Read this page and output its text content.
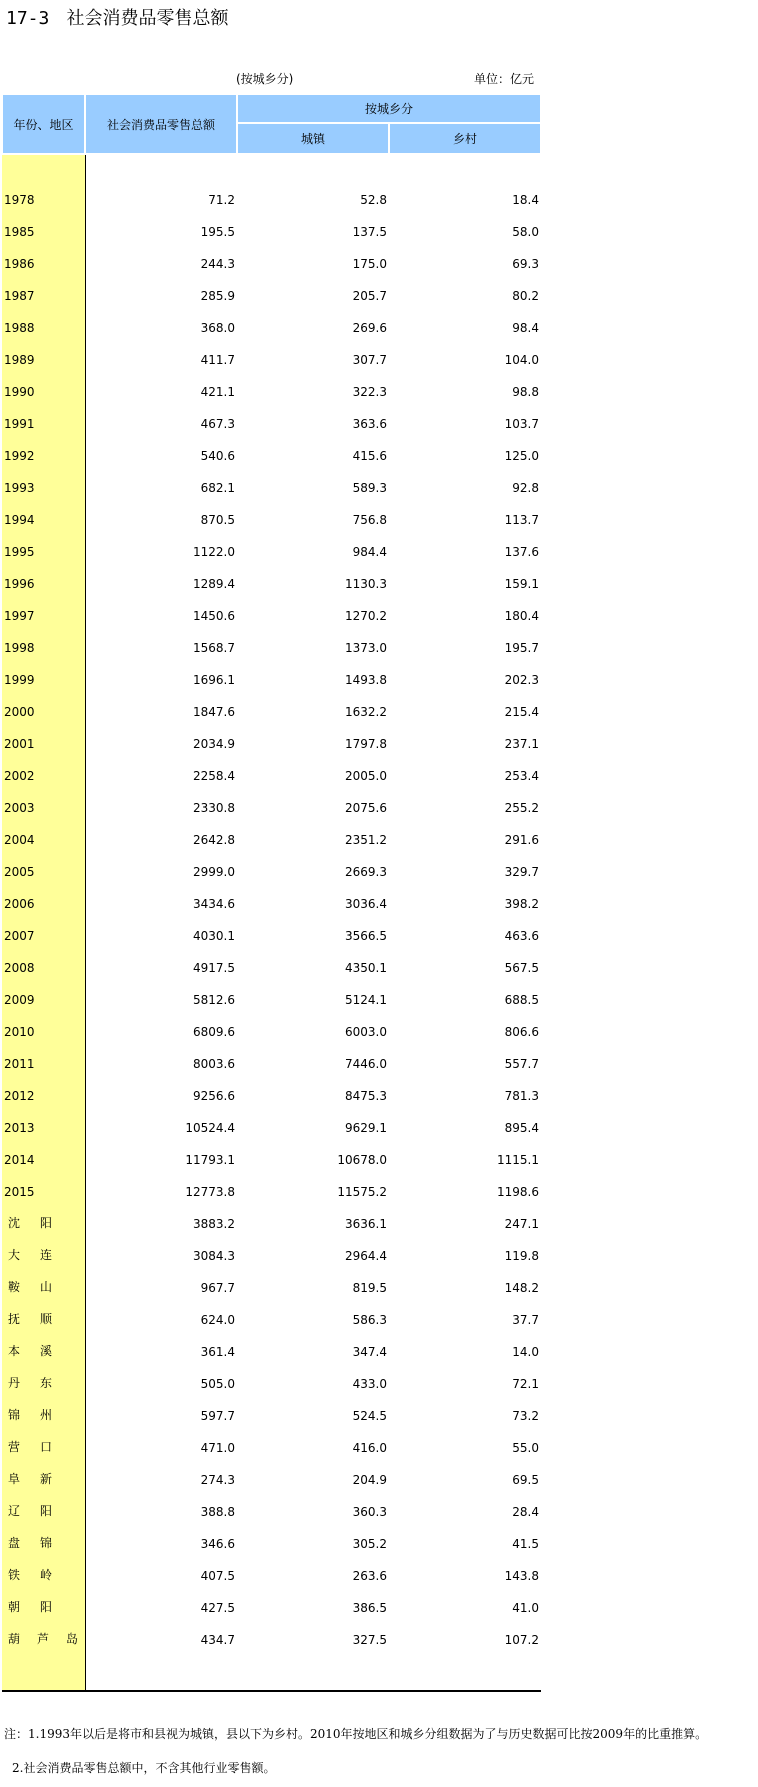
17-3 社会消费品零售总额
(按城乡分)	单位：亿元
年份、地区	社会消费品零售总额
按城乡分
城镇	乡村
1978	71.2	52.8	18.4
1985	195.5	137.5	58.0
1986	244.3	175.0	69.3
1987	285.9	205.7	80.2
1988	368.0	269.6	98.4
1989	411.7	307.7	104.0
1990	421.1	322.3	98.8
1991	467.3	363.6	103.7
1992	540.6	415.6	125.0
1993	682.1	589.3	92.8
1994	870.5	756.8	113.7
1995	1122.0	984.4	137.6
1996	1289.4	1130.3	159.1
1997	1450.6	1270.2	180.4
1998	1568.7	1373.0	195.7
1999	1696.1	1493.8	202.3
2000	1847.6	1632.2	215.4
2001	2034.9	1797.8	237.1
2002	2258.4	2005.0	253.4
2003	2330.8	2075.6	255.2
2004	2642.8	2351.2	291.6
2005	2999.0	2669.3	329.7
2006	3434.6	3036.4	398.2
2007	4030.1	3566.5	463.6
2008	4917.5	4350.1	567.5
2009	5812.6	5124.1	688.5
2010	6809.6	6003.0	806.6
2011	8003.6	7446.0	557.7
2012	9256.6	8475.3	781.3
2013	10524.4	9629.1	895.4
2014	11793.1	10678.0	1115.1
2015	12773.8	11575.2	1198.6
沈 阳	3883.2	3636.1	247.1
大 连	3084.3	2964.4	119.8
鞍 山	967.7	819.5	148.2
抚 顺	624.0	586.3	37.7
本 溪	361.4	347.4	14.0
丹 东	505.0	433.0	72.1
锦 州	597.7	524.5	73.2
营 口	471.0	416.0	55.0
阜 新	274.3	204.9	69.5
辽 阳	388.8	360.3	28.4
盘 锦	346.6	305.2	41.5
铁 岭	407.5	263.6	143.8
朝 阳	427.5	386.5	41.0
葫 芦 岛	434.7	327.5	107.2
注：1.1993年以后是将市和县视为城镇，县以下为乡村。2010年按地区和城乡分组数据为了与历史数据可比按2009年的比重推算。
2.社会消费品零售总额中，不含其他行业零售额。
